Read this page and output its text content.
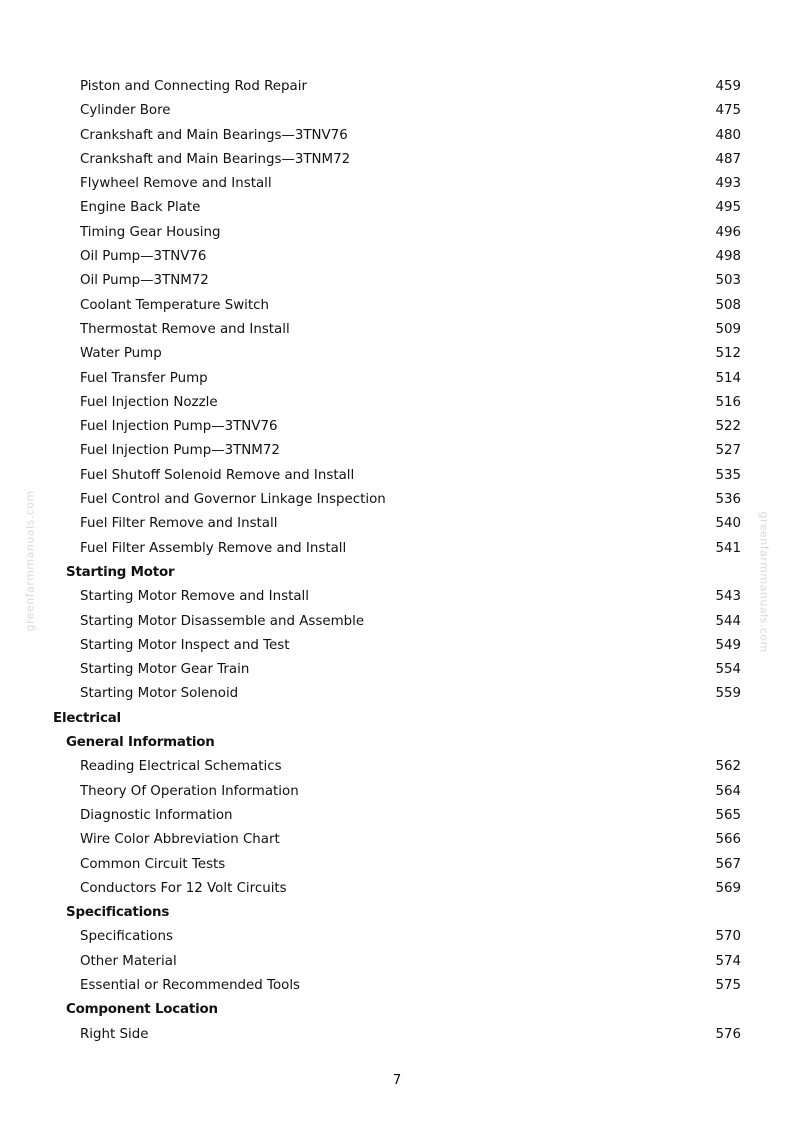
Piston and Connecting Rod Repair	459
Cylinder Bore	475
Crankshaft and Main Bearings—3TNV76	480
Crankshaft and Main Bearings—3TNM72	487
Flywheel Remove and Install	493
Engine Back Plate	495
Timing Gear Housing	496
Oil Pump—3TNV76	498
Oil Pump—3TNM72	503
Coolant Temperature Switch	508
Thermostat Remove and Install	509
Water Pump	512
Fuel Transfer Pump	514
Fuel Injection Nozzle	516
Fuel Injection Pump—3TNV76	522
Fuel Injection Pump—3TNM72	527
Fuel Shutoff Solenoid Remove and Install	535
Fuel Control and Governor Linkage Inspection	536
Fuel Filter Remove and Install	540
Fuel Filter Assembly Remove and Install	541
Starting Motor
Starting Motor Remove and Install	543
Starting Motor Disassemble and Assemble	544
Starting Motor Inspect and Test	549
Starting Motor Gear Train	554
Starting Motor Solenoid	559
Electrical
General Information
Reading Electrical Schematics	562
Theory Of Operation Information	564
Diagnostic Information	565
Wire Color Abbreviation Chart	566
Common Circuit Tests	567
Conductors For 12 Volt Circuits	569
Specifications
Specifications	570
Other Material	574
Essential or Recommended Tools	575
Component Location
Right Side	576
greenfarmmanuals.com	greenfarmmanuals.com
7
